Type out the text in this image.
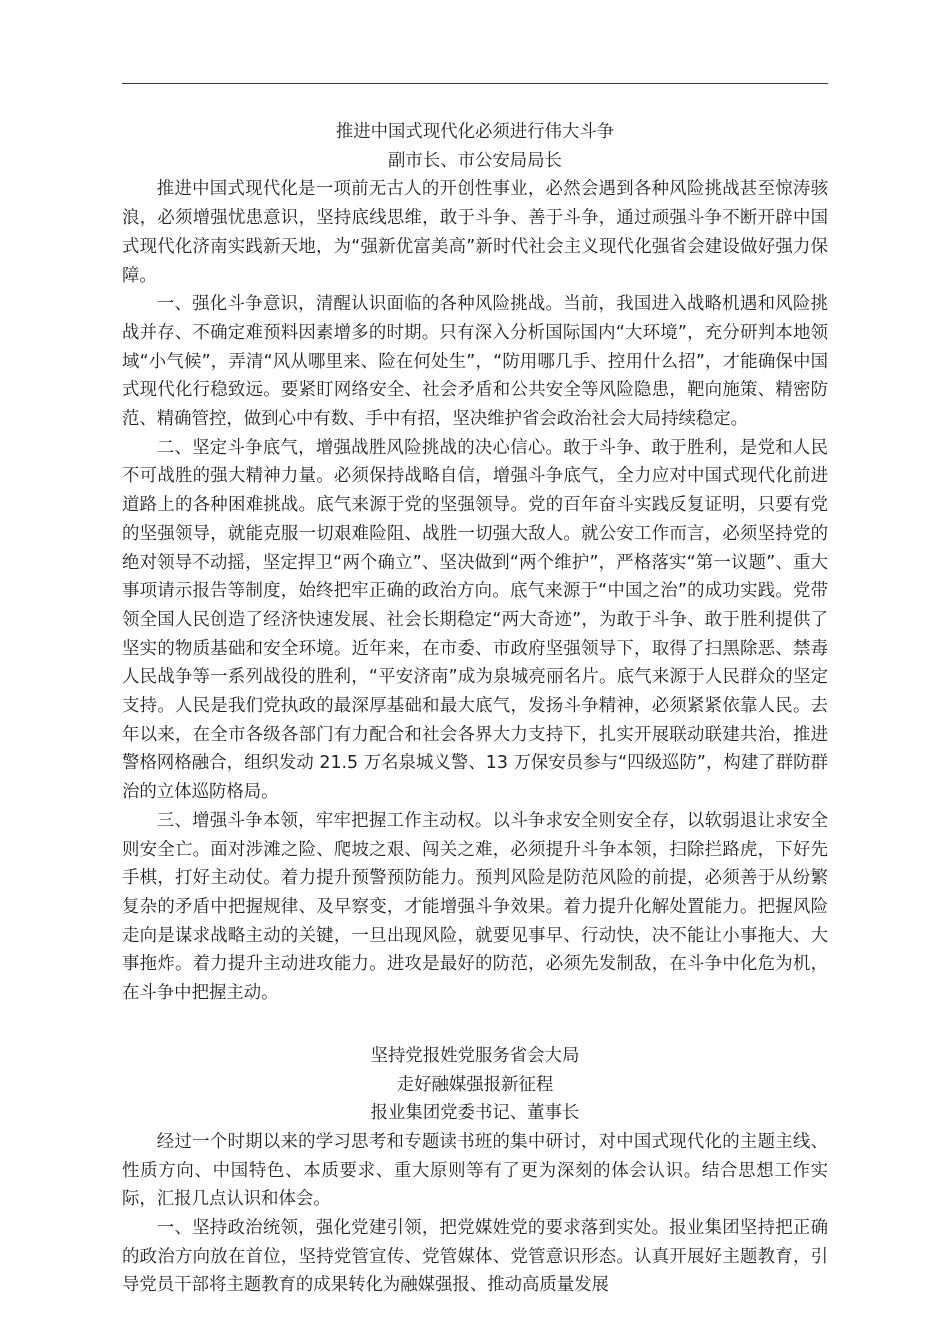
推进中国式现代化必须进行伟大斗争

副市长、市公安局局长

推进中国式现代化是一项前无古人的开创性事业，必然会遇到各种风险挑战甚至惊涛骇浪，必须增强忧患意识，坚持底线思维，敢于斗争、善于斗争，通过顽强斗争不断开辟中国式现代化济南实践新天地，为“强新优富美高”新时代社会主义现代化强省会建设做好强力保障。

一、强化斗争意识，清醒认识面临的各种风险挑战。当前，我国进入战略机遇和风险挑战并存、不确定难预料因素增多的时期。只有深入分析国际国内“大环境”，充分研判本地领域“小气候”，弄清“风从哪里来、险在何处生”，“防用哪几手、控用什么招”，才能确保中国式现代化行稳致远。要紧盯网络安全、社会矛盾和公共安全等风险隐患，靶向施策、精密防范、精确管控，做到心中有数、手中有招，坚决维护省会政治社会大局持续稳定。

二、坚定斗争底气，增强战胜风险挑战的决心信心。敢于斗争、敢于胜利，是党和人民不可战胜的强大精神力量。必须保持战略自信，增强斗争底气，全力应对中国式现代化前进道路上的各种困难挑战。底气来源于党的坚强领导。党的百年奋斗实践反复证明，只要有党的坚强领导，就能克服一切艰难险阻、战胜一切强大敌人。就公安工作而言，必须坚持党的绝对领导不动摇，坚定捍卫“两个确立”、坚决做到“两个维护”，严格落实“第一议题”、重大事项请示报告等制度，始终把牢正确的政治方向。底气来源于“中国之治”的成功实践。党带领全国人民创造了经济快速发展、社会长期稳定“两大奇迹”，为敢于斗争、敢于胜利提供了坚实的物质基础和安全环境。近年来，在市委、市政府坚强领导下，取得了扫黑除恶、禁毒人民战争等一系列战役的胜利，“平安济南”成为泉城亮丽名片。底气来源于人民群众的坚定支持。人民是我们党执政的最深厚基础和最大底气，发扬斗争精神，必须紧紧依靠人民。去年以来，在全市各级各部门有力配合和社会各界大力支持下，扎实开展联动联建共治，推进警格网格融合，组织发动 21.5 万名泉城义警、13 万保安员参与“四级巡防”，构建了群防群治的立体巡防格局。

三、增强斗争本领，牢牢把握工作主动权。以斗争求安全则安全存，以软弱退让求安全则安全亡。面对涉滩之险、爬坡之艰、闯关之难，必须提升斗争本领，扫除拦路虎，下好先手棋，打好主动仗。着力提升预警预防能力。预判风险是防范风险的前提，必须善于从纷繁复杂的矛盾中把握规律、及早察变，才能增强斗争效果。着力提升化解处置能力。把握风险走向是谋求战略主动的关键，一旦出现风险，就要见事早、行动快，决不能让小事拖大、大事拖炸。着力提升主动进攻能力。进攻是最好的防范，必须先发制敌，在斗争中化危为机，在斗争中把握主动。

坚持党报姓党服务省会大局

走好融媒强报新征程

报业集团党委书记、董事长

经过一个时期以来的学习思考和专题读书班的集中研讨，对中国式现代化的主题主线、性质方向、中国特色、本质要求、重大原则等有了更为深刻的体会认识。结合思想工作实际，汇报几点认识和体会。

一、坚持政治统领，强化党建引领，把党媒姓党的要求落到实处。报业集团坚持把正确的政治方向放在首位，坚持党管宣传、党管媒体、党管意识形态。认真开展好主题教育，引导党员干部将主题教育的成果转化为融媒强报、推动高质量发展
